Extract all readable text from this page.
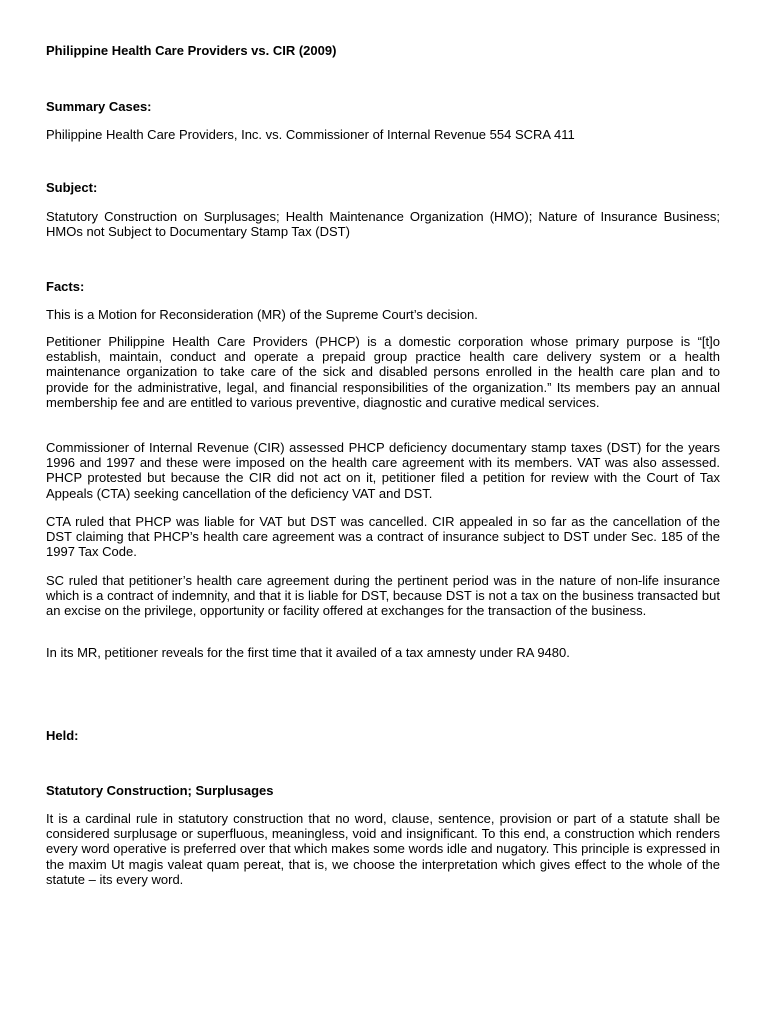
Philippine Health Care Providers vs. CIR (2009)

Summary Cases:

Philippine Health Care Providers, Inc. vs. Commissioner of Internal Revenue 554 SCRA 411

Subject:

Statutory Construction on Surplusages; Health Maintenance Organization (HMO); Nature of Insurance Business; HMOs not Subject to Documentary Stamp Tax (DST)

Facts:

This is a Motion for Reconsideration (MR) of the Supreme Court’s decision.

Petitioner Philippine Health Care Providers (PHCP) is a domestic corporation whose primary purpose is “[t]o establish, maintain, conduct and operate a prepaid group practice health care delivery system or a health maintenance organization to take care of the sick and disabled persons enrolled in the health care plan and to provide for the administrative, legal, and financial responsibilities of the organization.” Its members pay an annual membership fee and are entitled to various preventive, diagnostic and curative medical services.

Commissioner of Internal Revenue (CIR) assessed PHCP deficiency documentary stamp taxes (DST) for the years 1996 and 1997 and these were imposed on the health care agreement with its members. VAT was also assessed. PHCP protested but because the CIR did not act on it, petitioner filed a petition for review with the Court of Tax Appeals (CTA) seeking cancellation of the deficiency VAT and DST.

CTA ruled that PHCP was liable for VAT but DST was cancelled. CIR appealed in so far as the cancellation of the DST claiming that PHCP’s health care agreement was a contract of insurance subject to DST under Sec. 185 of the 1997 Tax Code.

SC ruled that petitioner’s health care agreement during the pertinent period was in the nature of non-life insurance which is a contract of indemnity, and that it is liable for DST, because DST is not a tax on the business transacted but an excise on the privilege, opportunity or facility offered at exchanges for the transaction of the business.

In its MR, petitioner reveals for the first time that it availed of a tax amnesty under RA 9480.

Held:

Statutory Construction; Surplusages

It is a cardinal rule in statutory construction that no word, clause, sentence, provision or part of a statute shall be considered surplusage or superfluous, meaningless, void and insignificant. To this end, a construction which renders every word operative is preferred over that which makes some words idle and nugatory. This principle is expressed in the maxim Ut magis valeat quam pereat, that is, we choose the interpretation which gives effect to the whole of the statute – its every word.
